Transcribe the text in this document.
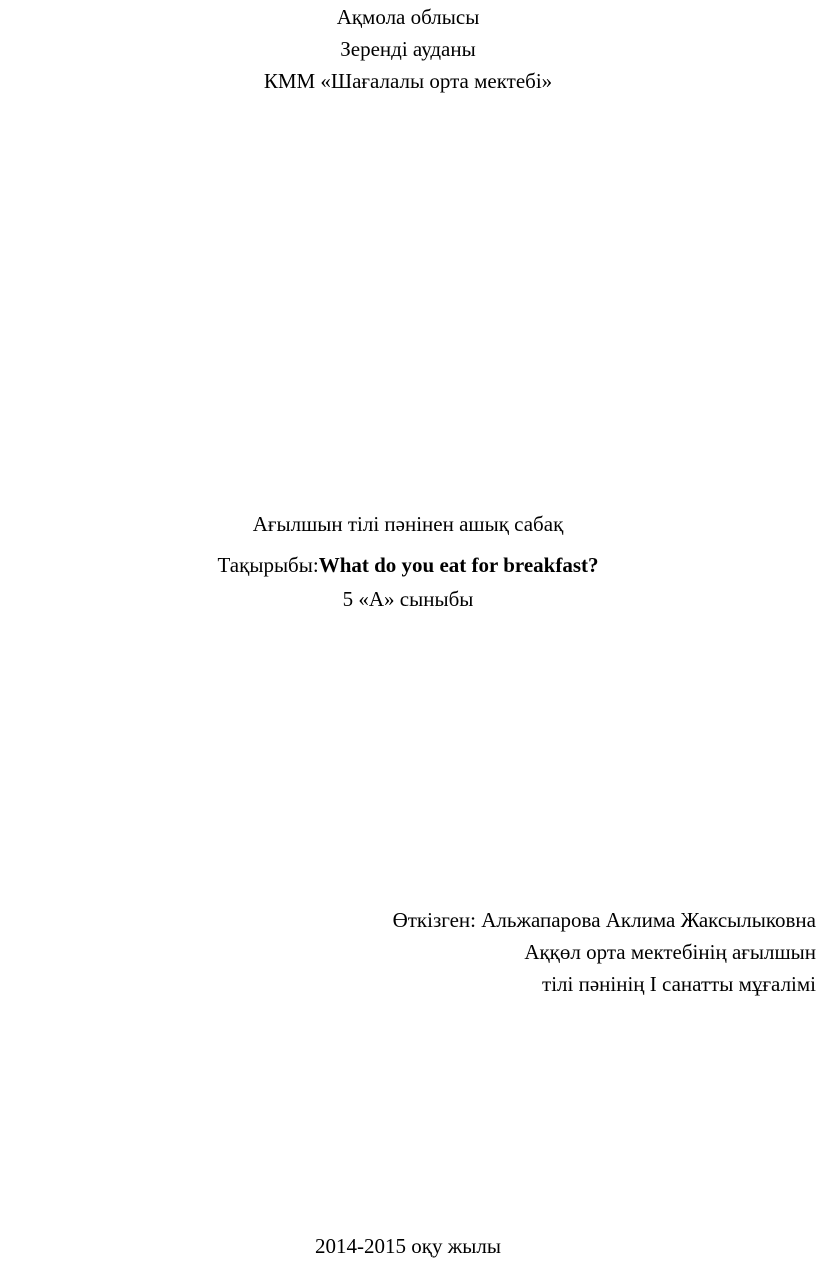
Ақмола облысы
Зеренді ауданы
КММ «Шағалалы орта мектебі»
Ағылшын тілі пәнінен ашық сабақ
Тақырыбы:What do you eat for breakfast?
5 «А» сыныбы
Өткізген: Альжапарова Аклима Жаксылыковна
Аққөл орта мектебінің ағылшын
тілі пәнінің І санатты мұғалімі
2014-2015 оқу жылы
